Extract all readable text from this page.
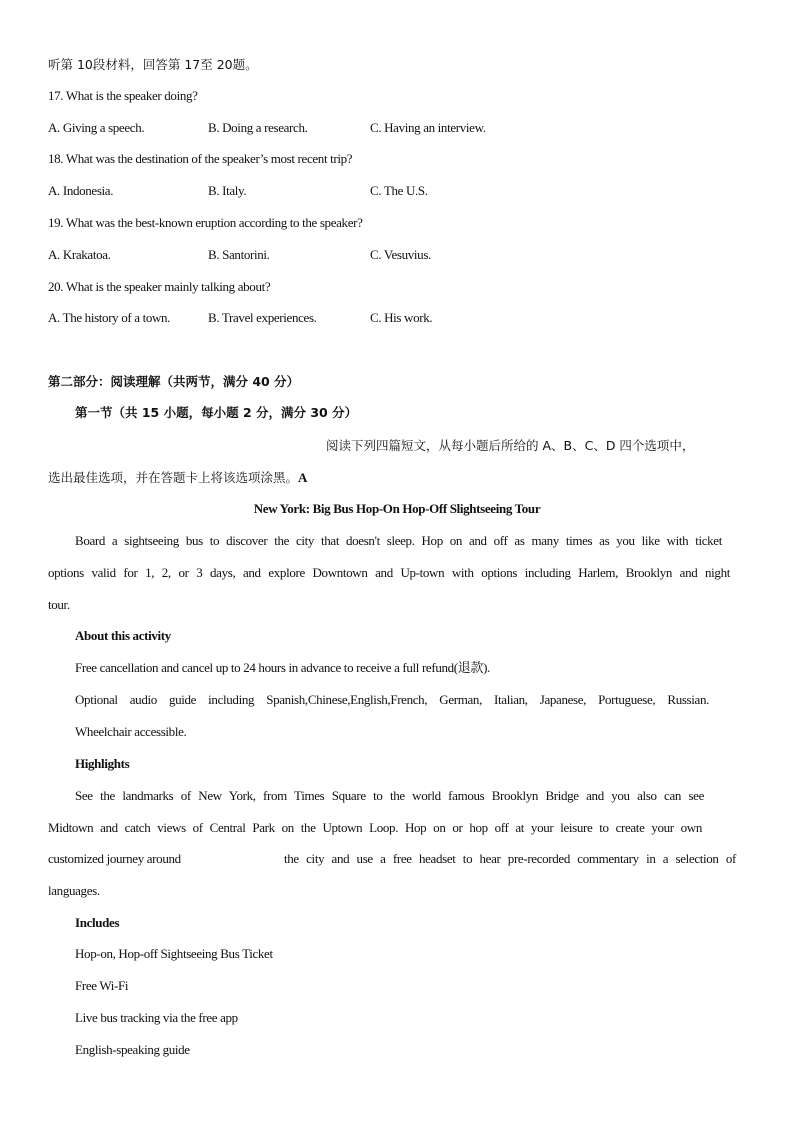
听第 10段材料，回答第 17至 20题。
17. What is the speaker doing?
A. Giving a speech.	B. Doing a research.	C. Having an interview.
18. What was the destination of the speaker’s most recent trip?
A. Indonesia.	B. Italy.	C. The U.S.
19. What was the best-known eruption according to the speaker?
A. Krakatoa.	B. Santorini.	C. Vesuvius.
20. What is the speaker mainly talking about?
A. The history of a town.	B. Travel experiences.	C. His work.
第二部分：阅读理解（共两节，满分 40 分）
第一节（共 15 小题，每小题 2 分，满分 30 分）
阅读下列四篇短文，从每小题后所给的 A、B、C、D 四个选项中，
选出最佳选项，并在答题卡上将该选项涂黑。A
New York: Big Bus Hop-On Hop-Off Slightseeing Tour
Board a sightseeing bus to discover the city that doesn't sleep. Hop on and off as many times as you like with ticket
options valid for 1, 2, or 3 days, and explore Downtown and Up-town with options including Harlem, Brooklyn and night
tour.
About this activity
Free cancellation and cancel up to 24 hours in advance to receive a full refund(退款).
Optional audio guide including Spanish,Chinese,English,French, German, Italian, Japanese, Portuguese, Russian.
Wheelchair accessible.
Highlights
See the landmarks of New York, from Times Square to the world famous Brooklyn Bridge and you also can see
Midtown and catch views of Central Park on the Uptown Loop. Hop on or hop off at your leisure to create your own
customized journey around	the city and use a free headset to hear pre-recorded commentary in a selection of
languages.
Includes
Hop-on, Hop-off Sightseeing Bus Ticket
Free Wi-Fi
Live bus tracking via the free app
English-speaking guide
